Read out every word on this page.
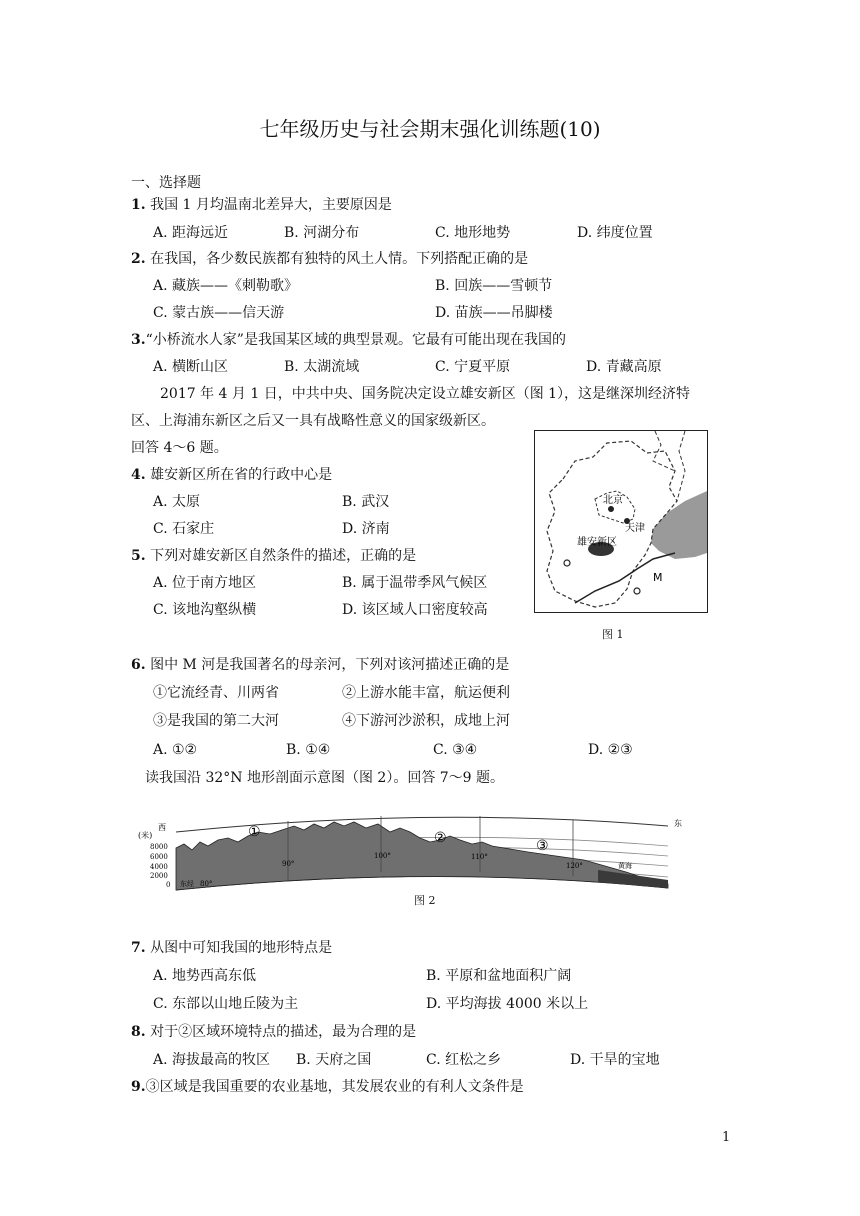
七年级历史与社会期末强化训练题(10)
一、选择题
1. 我国 1 月均温南北差异大，主要原因是
A. 距海远近	B. 河湖分布	C. 地形地势	D. 纬度位置
2. 在我国，各少数民族都有独特的风土人情。下列搭配正确的是
A. 藏族——《刺勒歌》	B. 回族——雪顿节
C. 蒙古族——信天游	D. 苗族——吊脚楼
3.“小桥流水人家”是我国某区域的典型景观。它最有可能出现在我国的
A. 横断山区	B. 太湖流域	C. 宁夏平原	D. 青藏高原
2017 年 4 月 1 日，中共中央、国务院决定设立雄安新区（图 1），这是继深圳经济特
区、上海浦东新区之后又一具有战略性意义的国家级新区。
回答 4～6 题。
4. 雄安新区所在省的行政中心是
A. 太原	B. 武汉
C. 石家庄	D. 济南
5. 下列对雄安新区自然条件的描述，正确的是
A. 位于南方地区	B. 属于温带季风气候区
C. 该地沟壑纵横	D. 该区域人口密度较高
北京
天津
雄安新区
M
图 1
6. 图中 M 河是我国著名的母亲河，下列对该河描述正确的是
①它流经青、川两省	②上游水能丰富，航运便利
③是我国的第二大河	④下游河沙淤积，成地上河
A. ①②	B. ①④	C. ③④	D. ②③
读我国沿 32°N 地形剖面示意图（图 2）。回答 7～9 题。
(米)
西	东
8000
6000
4000
2000
0 东经 80°
90°
100°	110°
120°
①	②	③
黄海
图 2
7. 从图中可知我国的地形特点是
A. 地势西高东低	B. 平原和盆地面积广阔
C. 东部以山地丘陵为主	D. 平均海拔 4000 米以上
8. 对于②区域环境特点的描述，最为合理的是
A. 海拔最高的牧区 B. 天府之国	C. 红松之乡	D. 干旱的宝地
9.③区域是我国重要的农业基地，其发展农业的有利人文条件是
1
